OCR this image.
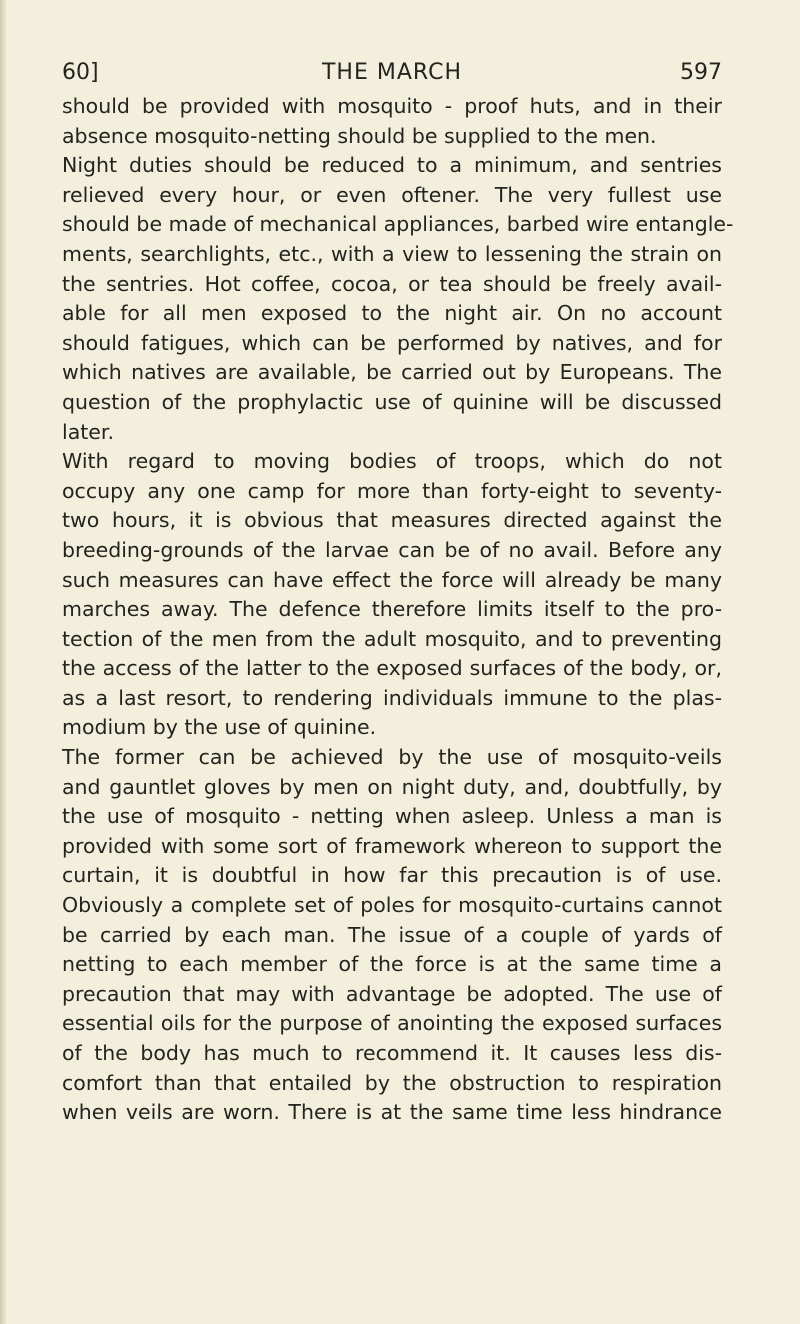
60]	THE MARCH	597
should be provided with mosquito - proof huts, and in their
absence mosquito-netting should be supplied to the men.
Night duties should be reduced to a minimum, and sentries
relieved every hour, or even oftener. The very fullest use
should be made of mechanical appliances, barbed wire entangle-
ments, searchlights, etc., with a view to lessening the strain on
the sentries. Hot coffee, cocoa, or tea should be freely avail-
able for all men exposed to the night air. On no account
should fatigues, which can be performed by natives, and for
which natives are available, be carried out by Europeans. The
question of the prophylactic use of quinine will be discussed
later.
With regard to moving bodies of troops, which do not
occupy any one camp for more than forty-eight to seventy-
two hours, it is obvious that measures directed against the
breeding-grounds of the larvae can be of no avail. Before any
such measures can have effect the force will already be many
marches away. The defence therefore limits itself to the pro-
tection of the men from the adult mosquito, and to preventing
the access of the latter to the exposed surfaces of the body, or,
as a last resort, to rendering individuals immune to the plas-
modium by the use of quinine.
The former can be achieved by the use of mosquito-veils
and gauntlet gloves by men on night duty, and, doubtfully, by
the use of mosquito - netting when asleep. Unless a man is
provided with some sort of framework whereon to support the
curtain, it is doubtful in how far this precaution is of use.
Obviously a complete set of poles for mosquito-curtains cannot
be carried by each man. The issue of a couple of yards of
netting to each member of the force is at the same time a
precaution that may with advantage be adopted. The use of
essential oils for the purpose of anointing the exposed surfaces
of the body has much to recommend it. It causes less dis-
comfort than that entailed by the obstruction to respiration
when veils are worn. There is at the same time less hindrance
